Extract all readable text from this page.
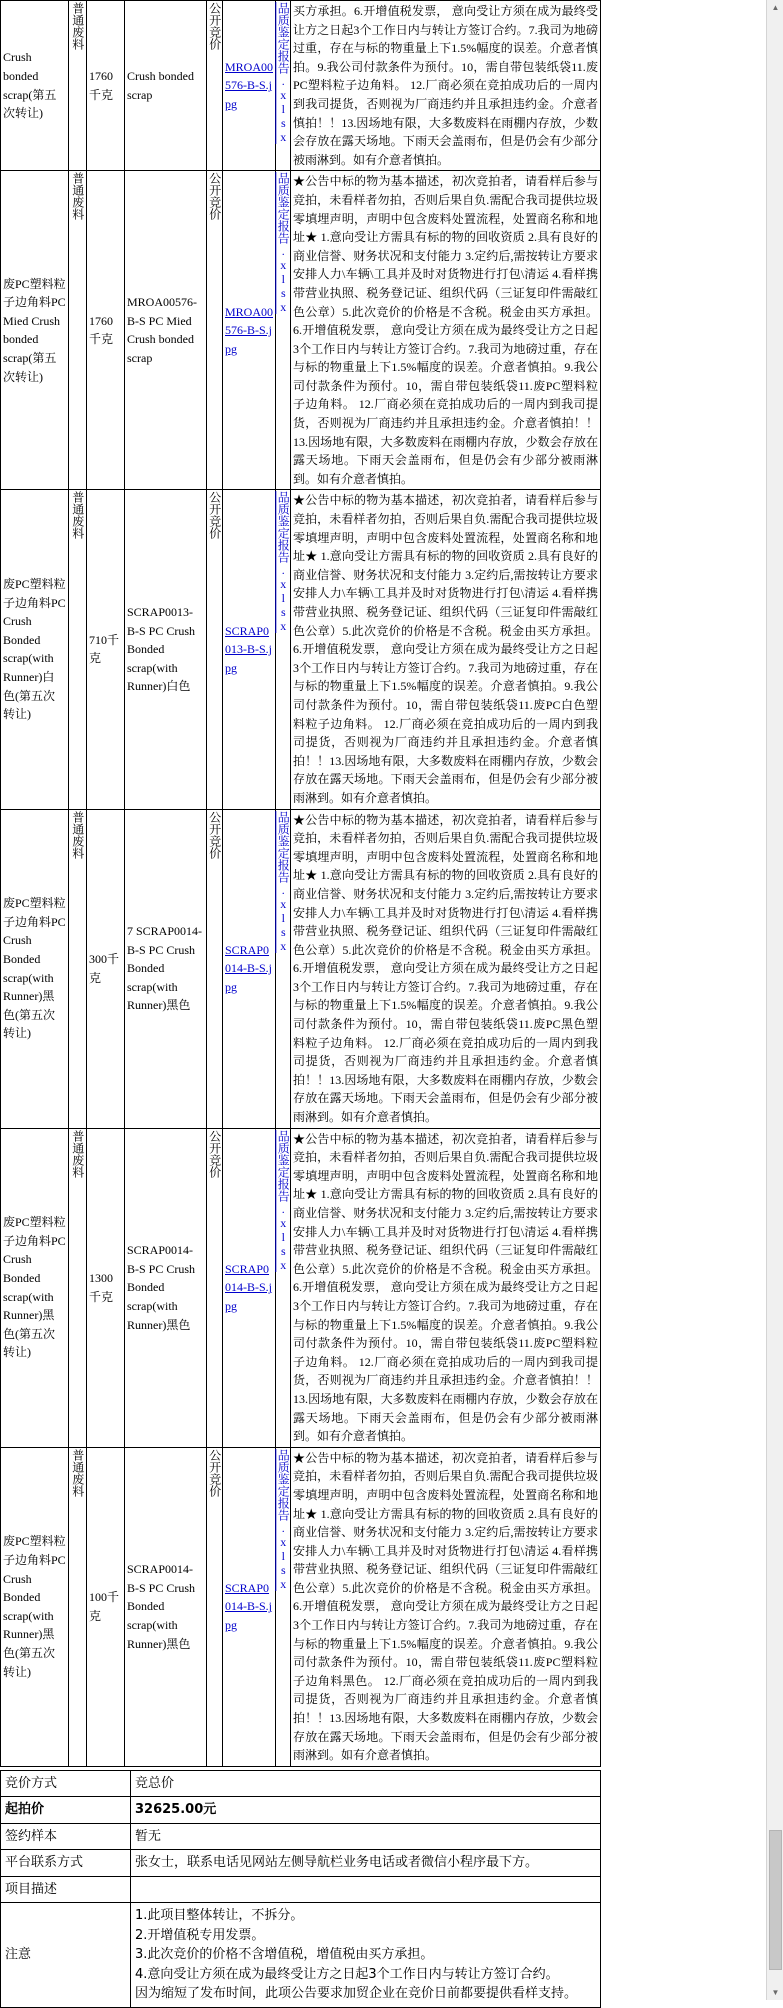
Crush bonded scrap(第五次转让)	普通废料	1760千克	Crush bonded scrap	公开竞价	MROA00576-B-S.jpg	品质鉴定报告.xlsx	买方承担。6.开增值税发票， 意向受让方须在成为最终受让方之日起3个工作日内与转让方签订合约。7.我司为地磅过重，存在与标的物重量上下1.5%幅度的误差。介意者慎拍。9.我公司付款条件为预付。10，需自带包装纸袋11.废PC塑料粒子边角料。 12.厂商必须在竞拍成功后的一周内到我司提货，否则视为厂商违约并且承担违约金。介意者慎拍！！13.因场地有限，大多数废料在雨棚内存放，少数会存放在露天场地。下雨天会盖雨布，但是仍会有少部分被雨淋到。如有介意者慎拍。
废PC塑料粒子边角料PC Mied Crush bonded scrap(第五次转让)	普通废料	1760千克	MROA00576-B-S PC Mied Crush bonded scrap	公开竞价	MROA00576-B-S.jpg	品质鉴定报告.xlsx	★公告中标的物为基本描述，初次竞拍者，请看样后参与竞拍，未看样者勿拍，否则后果自负.需配合我司提供垃圾零填埋声明，声明中包含废料处置流程，处置商名称和地址★ 1.意向受让方需具有标的物的回收资质 2.具有良好的商业信誉、财务状况和支付能力 3.定约后,需按转让方要求安排人力\车辆\工具并及时对货物进行打包\清运 4.看样携带营业执照、税务登记证、组织代码（三证复印件需敲红色公章）5.此次竞价的价格是不含税。税金由买方承担。6.开增值税发票， 意向受让方须在成为最终受让方之日起3个工作日内与转让方签订合约。7.我司为地磅过重，存在与标的物重量上下1.5%幅度的误差。介意者慎拍。9.我公司付款条件为预付。10，需自带包装纸袋11.废PC塑料粒子边角料。 12.厂商必须在竞拍成功后的一周内到我司提货，否则视为厂商违约并且承担违约金。介意者慎拍！！13.因场地有限，大多数废料在雨棚内存放，少数会存放在露天场地。下雨天会盖雨布，但是仍会有少部分被雨淋到。如有介意者慎拍。
废PC塑料粒子边角料PC Crush Bonded scrap(with Runner)白色(第五次转让)	普通废料	710千克	SCRAP0013-B-S PC Crush Bonded scrap(with Runner)白色	公开竞价	SCRAP0013-B-S.jpg	品质鉴定报告.xlsx	★公告中标的物为基本描述，初次竞拍者，请看样后参与竞拍，未看样者勿拍，否则后果自负.需配合我司提供垃圾零填埋声明，声明中包含废料处置流程，处置商名称和地址★ 1.意向受让方需具有标的物的回收资质 2.具有良好的商业信誉、财务状况和支付能力 3.定约后,需按转让方要求安排人力\车辆\工具并及时对货物进行打包\清运 4.看样携带营业执照、税务登记证、组织代码（三证复印件需敲红色公章）5.此次竞价的价格是不含税。税金由买方承担。6.开增值税发票， 意向受让方须在成为最终受让方之日起3个工作日内与转让方签订合约。7.我司为地磅过重，存在与标的物重量上下1.5%幅度的误差。介意者慎拍。9.我公司付款条件为预付。10，需自带包装纸袋11.废PC白色塑料粒子边角料。 12.厂商必须在竞拍成功后的一周内到我司提货，否则视为厂商违约并且承担违约金。介意者慎拍！！13.因场地有限，大多数废料在雨棚内存放，少数会存放在露天场地。下雨天会盖雨布，但是仍会有少部分被雨淋到。如有介意者慎拍。
废PC塑料粒子边角料PC Crush Bonded scrap(with Runner)黑色(第五次转让)	普通废料	300千克	7 SCRAP0014-B-S PC Crush Bonded scrap(with Runner)黑色	公开竞价	SCRAP0014-B-S.jpg	品质鉴定报告.xlsx	★公告中标的物为基本描述，初次竞拍者，请看样后参与竞拍，未看样者勿拍，否则后果自负.需配合我司提供垃圾零填埋声明，声明中包含废料处置流程，处置商名称和地址★ 1.意向受让方需具有标的物的回收资质 2.具有良好的商业信誉、财务状况和支付能力 3.定约后,需按转让方要求安排人力\车辆\工具并及时对货物进行打包\清运 4.看样携带营业执照、税务登记证、组织代码（三证复印件需敲红色公章）5.此次竞价的价格是不含税。税金由买方承担。6.开增值税发票， 意向受让方须在成为最终受让方之日起3个工作日内与转让方签订合约。7.我司为地磅过重，存在与标的物重量上下1.5%幅度的误差。介意者慎拍。9.我公司付款条件为预付。10，需自带包装纸袋11.废PC黑色塑料粒子边角料。 12.厂商必须在竞拍成功后的一周内到我司提货，否则视为厂商违约并且承担违约金。介意者慎拍！！13.因场地有限，大多数废料在雨棚内存放，少数会存放在露天场地。下雨天会盖雨布，但是仍会有少部分被雨淋到。如有介意者慎拍。
废PC塑料粒子边角料PC Crush Bonded scrap(with Runner)黑色(第五次转让)	普通废料	1300千克	SCRAP0014-B-S PC Crush Bonded scrap(with Runner)黑色	公开竞价	SCRAP0014-B-S.jpg	品质鉴定报告.xlsx	★公告中标的物为基本描述，初次竞拍者，请看样后参与竞拍，未看样者勿拍，否则后果自负.需配合我司提供垃圾零填埋声明，声明中包含废料处置流程，处置商名称和地址★ 1.意向受让方需具有标的物的回收资质 2.具有良好的商业信誉、财务状况和支付能力 3.定约后,需按转让方要求安排人力\车辆\工具并及时对货物进行打包\清运 4.看样携带营业执照、税务登记证、组织代码（三证复印件需敲红色公章）5.此次竞价的价格是不含税。税金由买方承担。6.开增值税发票， 意向受让方须在成为最终受让方之日起3个工作日内与转让方签订合约。7.我司为地磅过重，存在与标的物重量上下1.5%幅度的误差。介意者慎拍。9.我公司付款条件为预付。10，需自带包装纸袋11.废PC塑料粒子边角料。 12.厂商必须在竞拍成功后的一周内到我司提货，否则视为厂商违约并且承担违约金。介意者慎拍！！13.因场地有限，大多数废料在雨棚内存放，少数会存放在露天场地。下雨天会盖雨布，但是仍会有少部分被雨淋到。如有介意者慎拍。
废PC塑料粒子边角料PC Crush Bonded scrap(with Runner)黑色(第五次转让)	普通废料	100千克	SCRAP0014-B-S PC Crush Bonded scrap(with Runner)黑色	公开竞价	SCRAP0014-B-S.jpg	品质鉴定报告.xlsx	★公告中标的物为基本描述，初次竞拍者，请看样后参与竞拍，未看样者勿拍，否则后果自负.需配合我司提供垃圾零填埋声明，声明中包含废料处置流程，处置商名称和地址★ 1.意向受让方需具有标的物的回收资质 2.具有良好的商业信誉、财务状况和支付能力 3.定约后,需按转让方要求安排人力\车辆\工具并及时对货物进行打包\清运 4.看样携带营业执照、税务登记证、组织代码（三证复印件需敲红色公章）5.此次竞价的价格是不含税。税金由买方承担。6.开增值税发票， 意向受让方须在成为最终受让方之日起3个工作日内与转让方签订合约。7.我司为地磅过重，存在与标的物重量上下1.5%幅度的误差。介意者慎拍。9.我公司付款条件为预付。10，需自带包装纸袋11.废PC塑料粒子边角料黑色。 12.厂商必须在竞拍成功后的一周内到我司提货，否则视为厂商违约并且承担违约金。介意者慎拍！！13.因场地有限，大多数废料在雨棚内存放，少数会存放在露天场地。下雨天会盖雨布，但是仍会有少部分被雨淋到。如有介意者慎拍。
竞价方式	竞总价
起拍价	32625.00元
签约样本	暂无
平台联系方式	张女士，联系电话见网站左侧导航栏业务电话或者微信小程序最下方。
项目描述	
注意	1.此项目整体转让，不拆分。
2.开增值税专用发票。
3.此次竞价的价格不含增值税，增值税由买方承担。
4.意向受让方须在成为最终受让方之日起3个工作日内与转让方签订合约。
因为缩短了发布时间，此项公告要求加贸企业在竞价日前都要提供看样支持。
▲
▼
